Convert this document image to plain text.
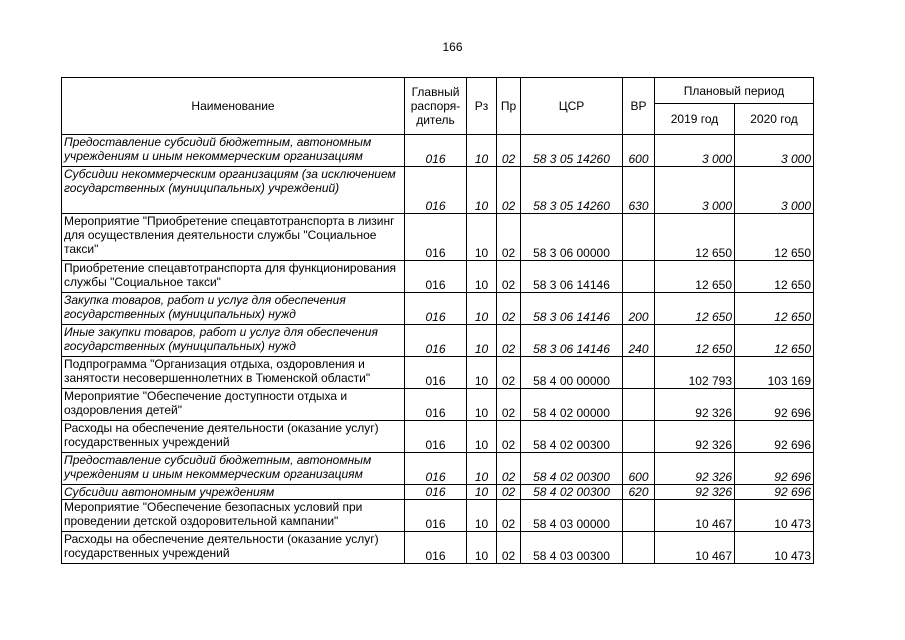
166
Наименование	Главный распоря-дитель	Рз	Пр	ЦСР	ВР	Плановый период	
						2019 год	2020 год
Предоставление субсидий бюджетным, автономным учреждениям и иным некоммерческим организациям	016	10	02	58 3 05 14260	600	3 000	3 000
Субсидии некоммерческим организациям (за исключением государственных (муниципальных) учреждений)	016	10	02	58 3 05 14260	630	3 000	3 000
Мероприятие "Приобретение спецавтотранспорта в лизинг для осуществления деятельности службы "Социальное такси"	016	10	02	58 3 06 00000		12 650	12 650
Приобретение спецавтотранспорта для функционирования службы "Социальное такси"	016	10	02	58 3 06 14146		12 650	12 650
Закупка товаров, работ и услуг для обеспечения государственных (муниципальных) нужд	016	10	02	58 3 06 14146	200	12 650	12 650
Иные закупки товаров, работ и услуг для обеспечения государственных (муниципальных) нужд	016	10	02	58 3 06 14146	240	12 650	12 650
Подпрограмма "Организация отдыха, оздоровления и занятости несовершеннолетних в Тюменской области"	016	10	02	58 4 00 00000		102 793	103 169
Мероприятие "Обеспечение доступности отдыха и оздоровления детей"	016	10	02	58 4 02 00000		92 326	92 696
Расходы на обеспечение деятельности (оказание услуг) государственных учреждений	016	10	02	58 4 02 00300		92 326	92 696
Предоставление субсидий бюджетным, автономным учреждениям и иным некоммерческим организациям	016	10	02	58 4 02 00300	600	92 326	92 696
Субсидии автономным учреждениям	016	10	02	58 4 02 00300	620	92 326	92 696
Мероприятие "Обеспечение безопасных условий при проведении детской оздоровительной кампании"	016	10	02	58 4 03 00000		10 467	10 473
Расходы на обеспечение деятельности (оказание услуг) государственных учреждений	016	10	02	58 4 03 00300		10 467	10 473
